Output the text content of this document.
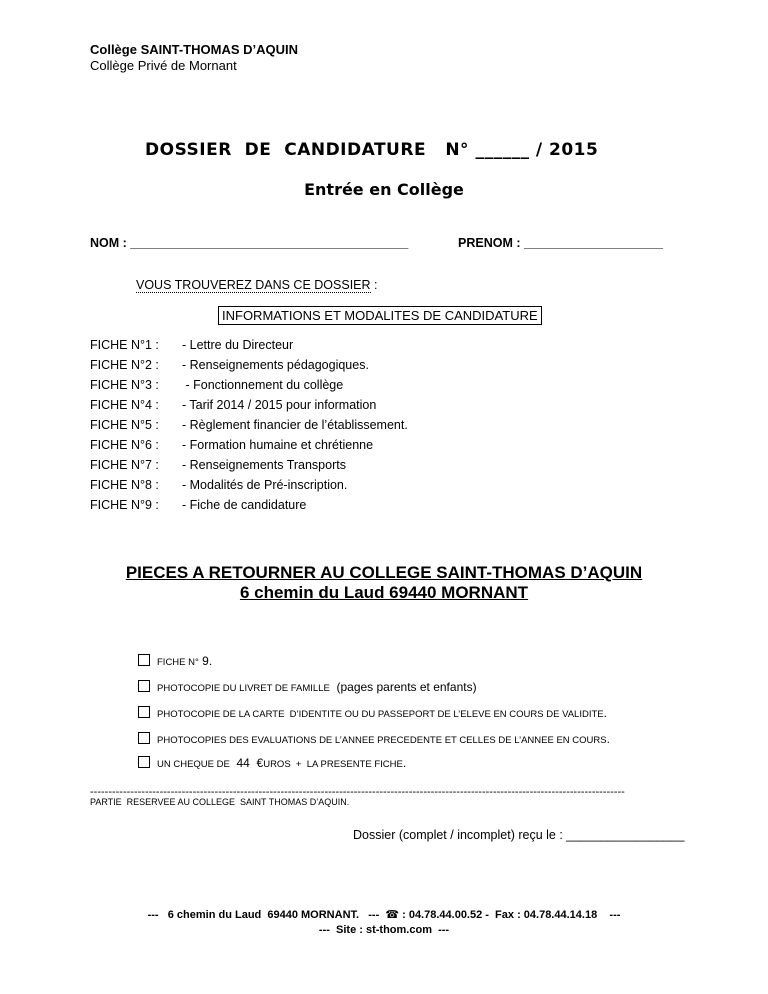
Collège SAINT-THOMAS D’AQUIN
Collège Privé de Mornant
DOSSIER  DE  CANDIDATURE   N° ______ / 2015
Entrée en Collège
NOM : ________________________________________	PRENOM : ____________________
VOUS TROUVEREZ DANS CE DOSSIER :
INFORMATIONS ET MODALITES DE CANDIDATURE
FICHE N°1 : - Lettre du Directeur
FICHE N°2 : - Renseignements pédagogiques.
FICHE N°3 : - Fonctionnement du collège
FICHE N°4 : - Tarif 2014 / 2015 pour information
FICHE N°5 : - Règlement financier de l’établissement.
FICHE N°6 : - Formation humaine et chrétienne
FICHE N°7 : - Renseignements Transports
FICHE N°8 : - Modalités de Pré-inscription.
FICHE N°9 : - Fiche de candidature
PIECES A RETOURNER AU COLLEGE SAINT-THOMAS D’AQUIN
6 chemin du Laud 69440 MORNANT
FICHE N° 9.
PHOTOCOPIE DU LIVRET DE FAMILLE  (pages parents et enfants)
PHOTOCOPIE DE LA CARTE  D’IDENTITE OU DU PASSEPORT DE L’ELEVE EN COURS DE VALIDITE.
PHOTOCOPIES DES EVALUATIONS DE L’ANNEE PRECEDENTE ET CELLES DE L’ANNEE EN COURS.
UN CHEQUE DE  44  €UROS  +  LA PRESENTE FICHE.
--------------------------------------------------------------------------------------------------------------------------------------------------
PARTIE  RESERVEE AU COLLEGE  SAINT THOMAS D’AQUIN.
Dossier (complet / incomplet) reçu le : _________________
---   6 chemin du Laud  69440 MORNANT.   ---  ☎ : 04.78.44.00.52 -  Fax : 04.78.44.14.18    ---
---  Site : st-thom.com  ---
